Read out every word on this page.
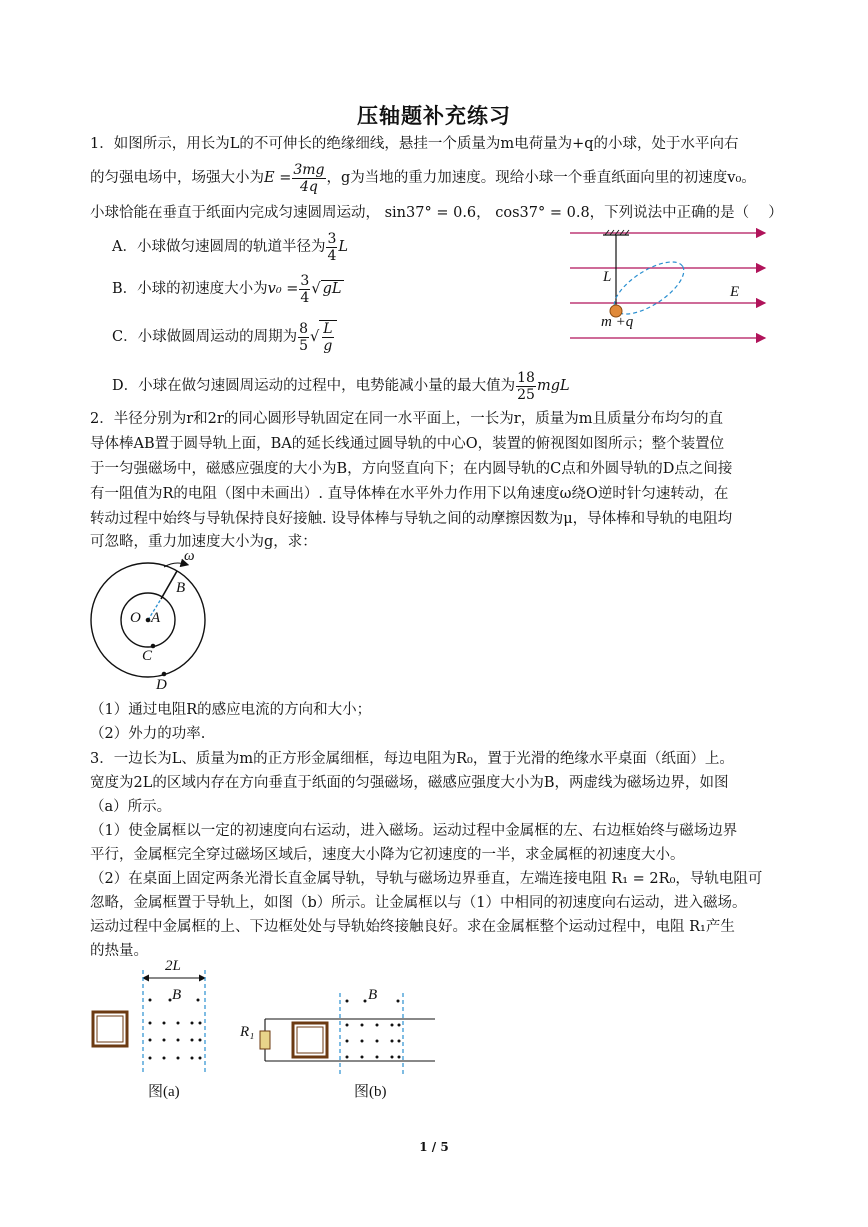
压轴题补充练习
1．如图所示，用长为L的不可伸长的绝缘细线，悬挂一个质量为m电荷量为+q的小球，处于水平向右
的匀强电场中，场强大小为$E = \frac{3mg}{4q}$ ，g为当地的重力加速度。现给小球一个垂直纸面向里的初速度v₀。
小球恰能在垂直于纸面内完成匀速圆周运动， sin37° = 0.6， cos37° = 0.8，下列说法中正确的是（　 ）
A．小球做匀速圆周的轨道半径为 $\frac{3}{4}$ L
B．小球的初速度大小为$v_0 = \frac{3}{4}$ √ gL
C．小球做圆周运动的周期为 $\frac{8}{5}$ √ $\frac{L}{g}$
D．小球在做匀速圆周运动的过程中，电势能减小量的最大值为 $\frac{18}{25}$ mgL
L
E
m +q
2．半径分别为r和2r的同心圆形导轨固定在同一水平面上，一长为r，质量为m且质量分布均匀的直
导体棒AB置于圆导轨上面，BA的延长线通过圆导轨的中心O，装置的俯视图如图所示；整个装置位
于一匀强磁场中，磁感应强度的大小为B，方向竖直向下；在内圆导轨的C点和外圆导轨的D点之间接
有一阻值为R的电阻（图中未画出）. 直导体棒在水平外力作用下以角速度ω绕O逆时针匀速转动，在
转动过程中始终与导轨保持良好接触. 设导体棒与导轨之间的动摩擦因数为μ，导体棒和导轨的电阻均
可忽略，重力加速度大小为g，求：
ω
B
O A
C
D
（1）通过电阻R的感应电流的方向和大小；
（2）外力的功率.
3．一边长为L、质量为m的正方形金属细框，每边电阻为R₀，置于光滑的绝缘水平桌面（纸面）上。
宽度为2L的区域内存在方向垂直于纸面的匀强磁场，磁感应强度大小为B，两虚线为磁场边界，如图
（a）所示。
（1）使金属框以一定的初速度向右运动，进入磁场。运动过程中金属框的左、右边框始终与磁场边界
平行，金属框完全穿过磁场区域后，速度大小降为它初速度的一半，求金属框的初速度大小。
（2）在桌面上固定两条光滑长直金属导轨，导轨与磁场边界垂直，左端连接电阻 R₁ = 2R₀，导轨电阻可
忽略，金属框置于导轨上，如图（b）所示。让金属框以与（1）中相同的初速度向右运动，进入磁场。
运动过程中金属框的上、下边框处处与导轨始终接触良好。求在金属框整个运动过程中，电阻 R₁产生
的热量。
2L
B
图(a)
B
R₁
图(b)
1 / 5
